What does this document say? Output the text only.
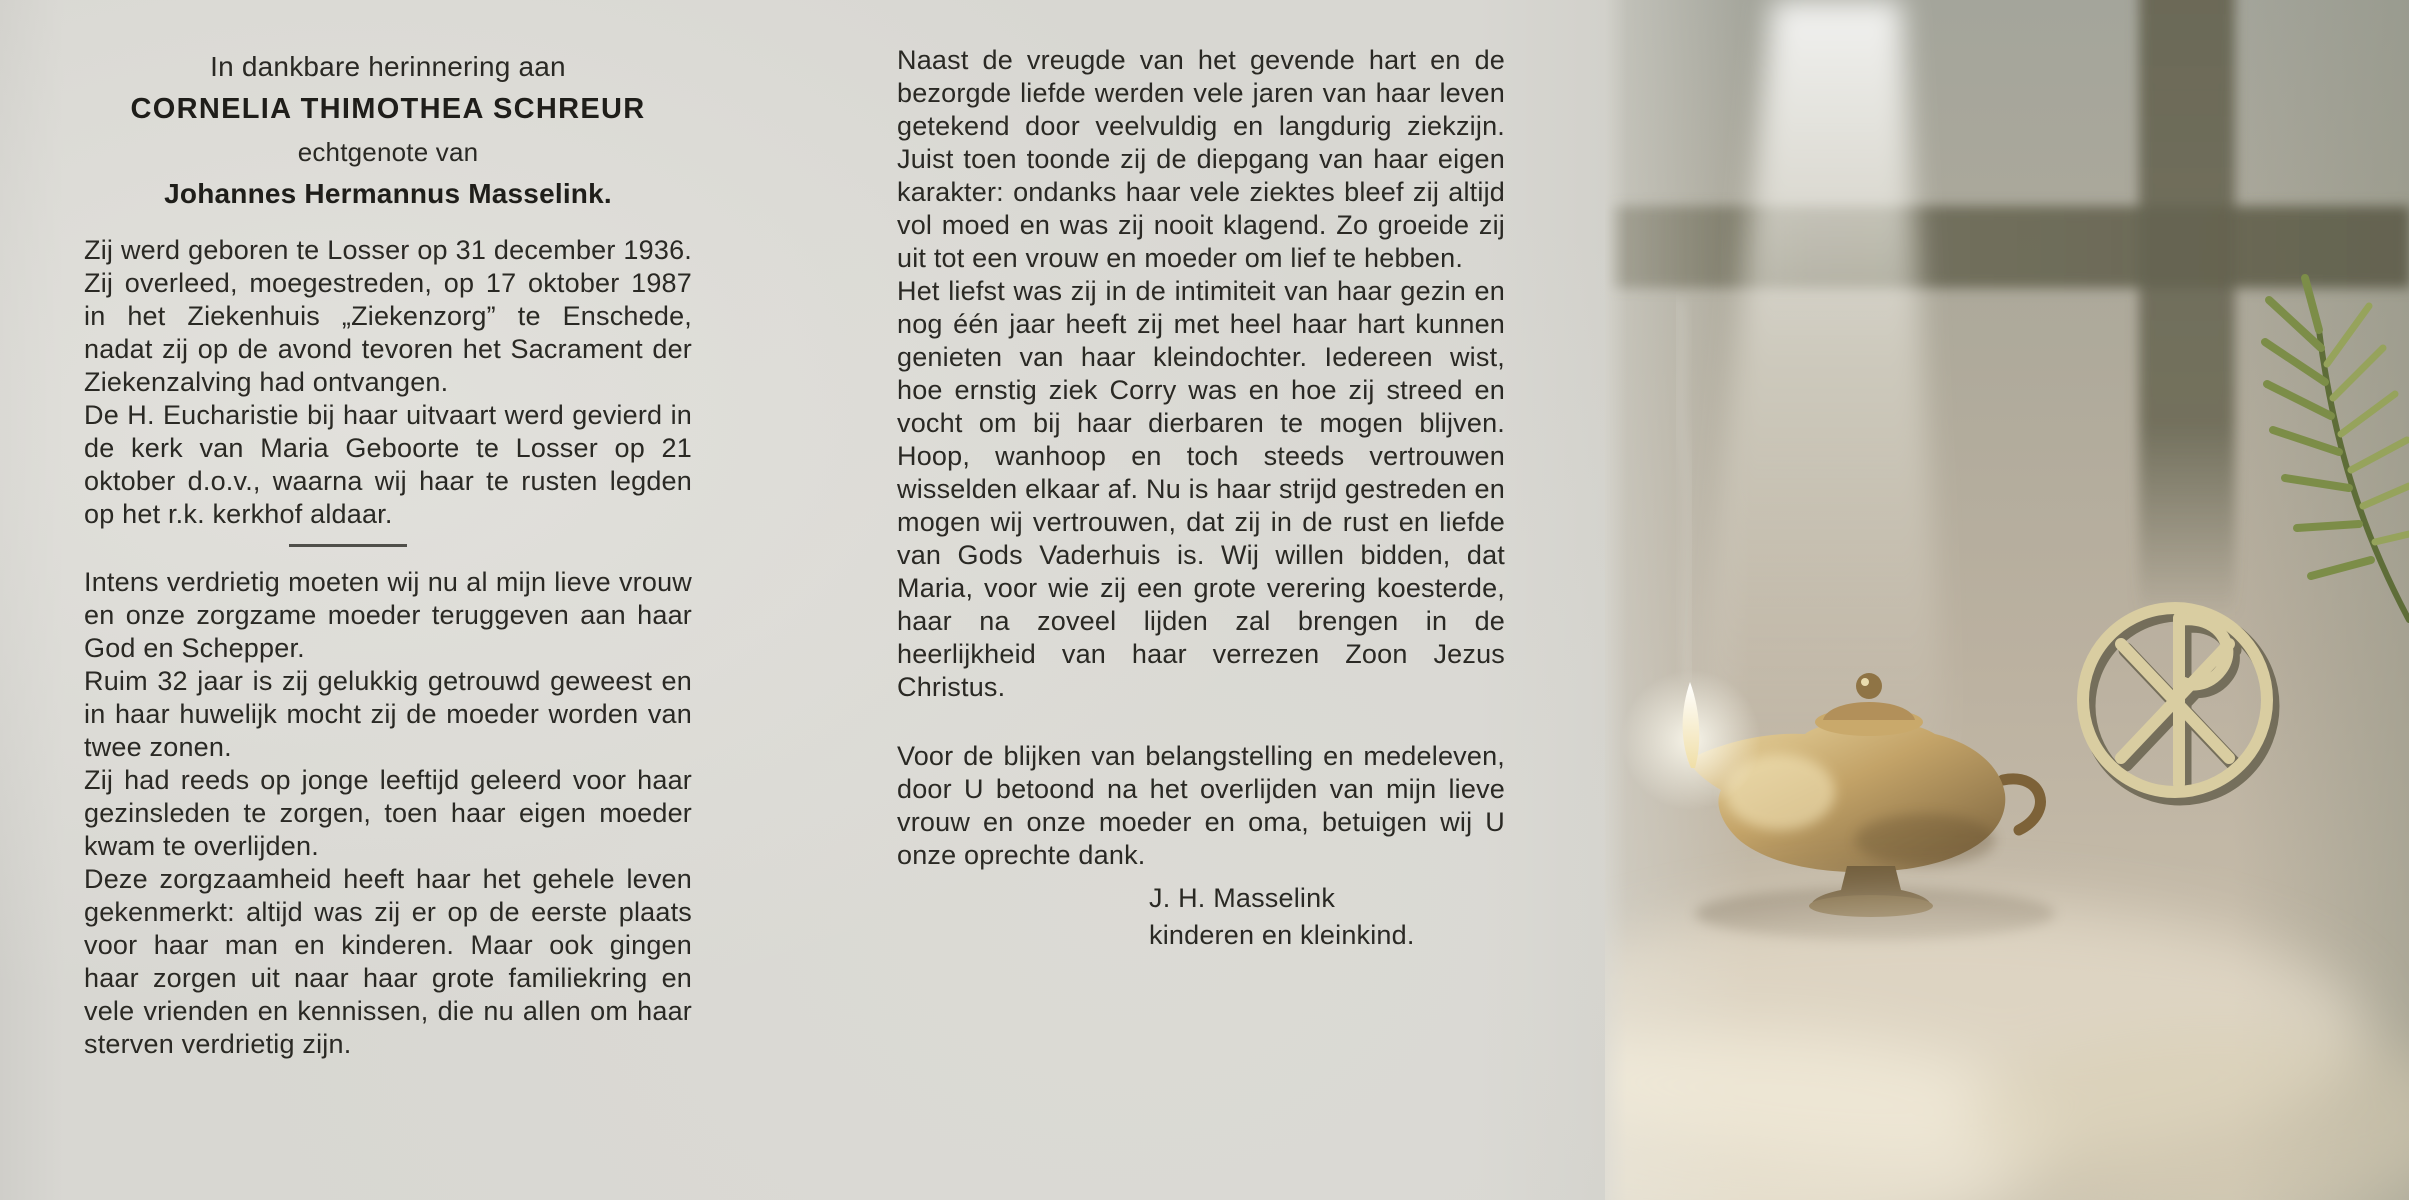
In dankbare herinnering aan
CORNELIA THIMOTHEA SCHREUR
echtgenote van
Johannes Hermannus Masselink.

Zij werd geboren te Losser op 31 december 1936. Zij overleed, moegestreden, op 17 oktober 1987 in het Ziekenhuis „Ziekenzorg” te Enschede, nadat zij op de avond tevoren het Sacrament der Ziekenzalving had ontvangen.

De H. Eucharistie bij haar uitvaart werd gevierd in de kerk van Maria Geboorte te Losser op 21 oktober d.o.v., waarna wij haar te rusten legden op het r.k. kerkhof aldaar.

Intens verdrietig moeten wij nu al mijn lieve vrouw en onze zorgzame moeder teruggeven aan haar God en Schepper.

Ruim 32 jaar is zij gelukkig getrouwd geweest en in haar huwelijk mocht zij de moeder worden van twee zonen.

Zij had reeds op jonge leeftijd geleerd voor haar gezinsleden te zorgen, toen haar eigen moeder kwam te overlijden.

Deze zorgzaamheid heeft haar het gehele leven gekenmerkt: altijd was zij er op de eerste plaats voor haar man en kinderen. Maar ook gingen haar zorgen uit naar haar grote familiekring en vele vrienden en kennissen, die nu allen om haar sterven verdrietig zijn.

Naast de vreugde van het gevende hart en de bezorgde liefde werden vele jaren van haar leven getekend door veelvuldig en langdurig ziekzijn. Juist toen toonde zij de diepgang van haar eigen karakter: ondanks haar vele ziektes bleef zij altijd vol moed en was zij nooit klagend. Zo groeide zij uit tot een vrouw en moeder om lief te hebben.

Het liefst was zij in de intimiteit van haar gezin en nog één jaar heeft zij met heel haar hart kunnen genieten van haar kleindochter. Iedereen wist, hoe ernstig ziek Corry was en hoe zij streed en vocht om bij haar dierbaren te mogen blijven. Hoop, wanhoop en toch steeds vertrouwen wisselden elkaar af. Nu is haar strijd gestreden en mogen wij vertrouwen, dat zij in de rust en liefde van Gods Vaderhuis is. Wij willen bidden, dat Maria, voor wie zij een grote verering koesterde, haar na zoveel lijden zal brengen in de heerlijkheid van haar verrezen Zoon Jezus Christus.

Voor de blijken van belangstelling en medeleven, door U betoond na het overlijden van mijn lieve vrouw en onze moeder en oma, betuigen wij U onze oprechte dank.

J. H. Masselink
kinderen en kleinkind.
